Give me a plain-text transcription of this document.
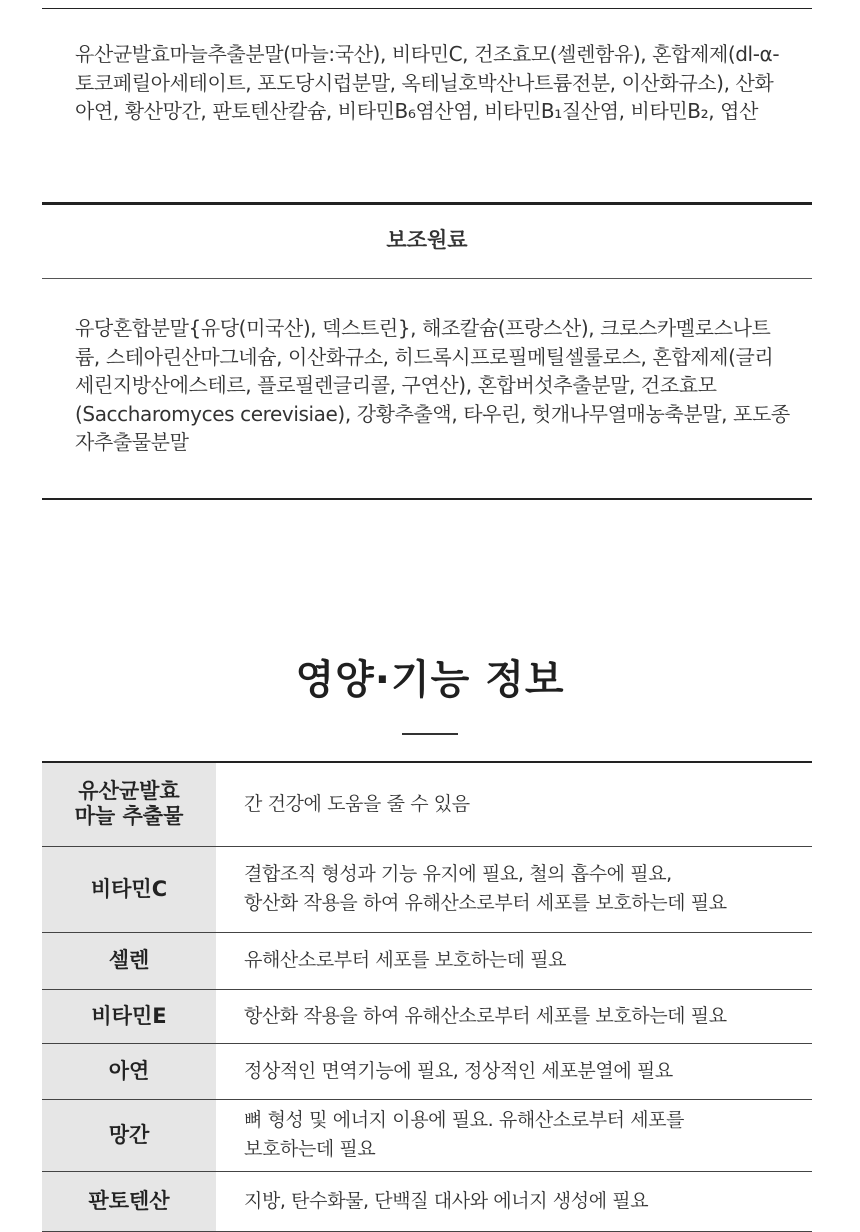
유산균발효마늘추출분말(마늘:국산), 비타민C, 건조효모(셀렌함유), 혼합제제(dl-α-토코페릴아세테이트, 포도당시럽분말, 옥테닐호박산나트륨전분, 이산화규소), 산화아연, 황산망간, 판토텐산칼슘, 비타민B₆염산염, 비타민B₁질산염, 비타민B₂, 엽산

보조원료

유당혼합분말{유당(미국산), 덱스트린}, 해조칼슘(프랑스산), 크로스카멜로스나트륨, 스테아린산마그네슘, 이산화규소, 히드록시프로필메틸셀룰로스, 혼합제제(글리세린지방산에스테르, 플로필렌글리콜, 구연산), 혼합버섯추출분말, 건조효모(Saccharomyces cerevisiae), 강황추출액, 타우린, 헛개나무열매농축분말, 포도종자추출물분말

영양·기능 정보
유산균발효
마늘 추출물	간 건강에 도움을 줄 수 있음

비타민C	결합조직 형성과 기능 유지에 필요, 철의 흡수에 필요,
항산화 작용을 하여 유해산소로부터 세포를 보호하는데 필요

셀렌	유해산소로부터 세포를 보호하는데 필요

비타민E	항산화 작용을 하여 유해산소로부터 세포를 보호하는데 필요

아연	정상적인 면역기능에 필요, 정상적인 세포분열에 필요

망간	뼈 형성 및 에너지 이용에 필요. 유해산소로부터 세포를
보호하는데 필요

판토텐산	지방, 탄수화물, 단백질 대사와 에너지 생성에 필요
